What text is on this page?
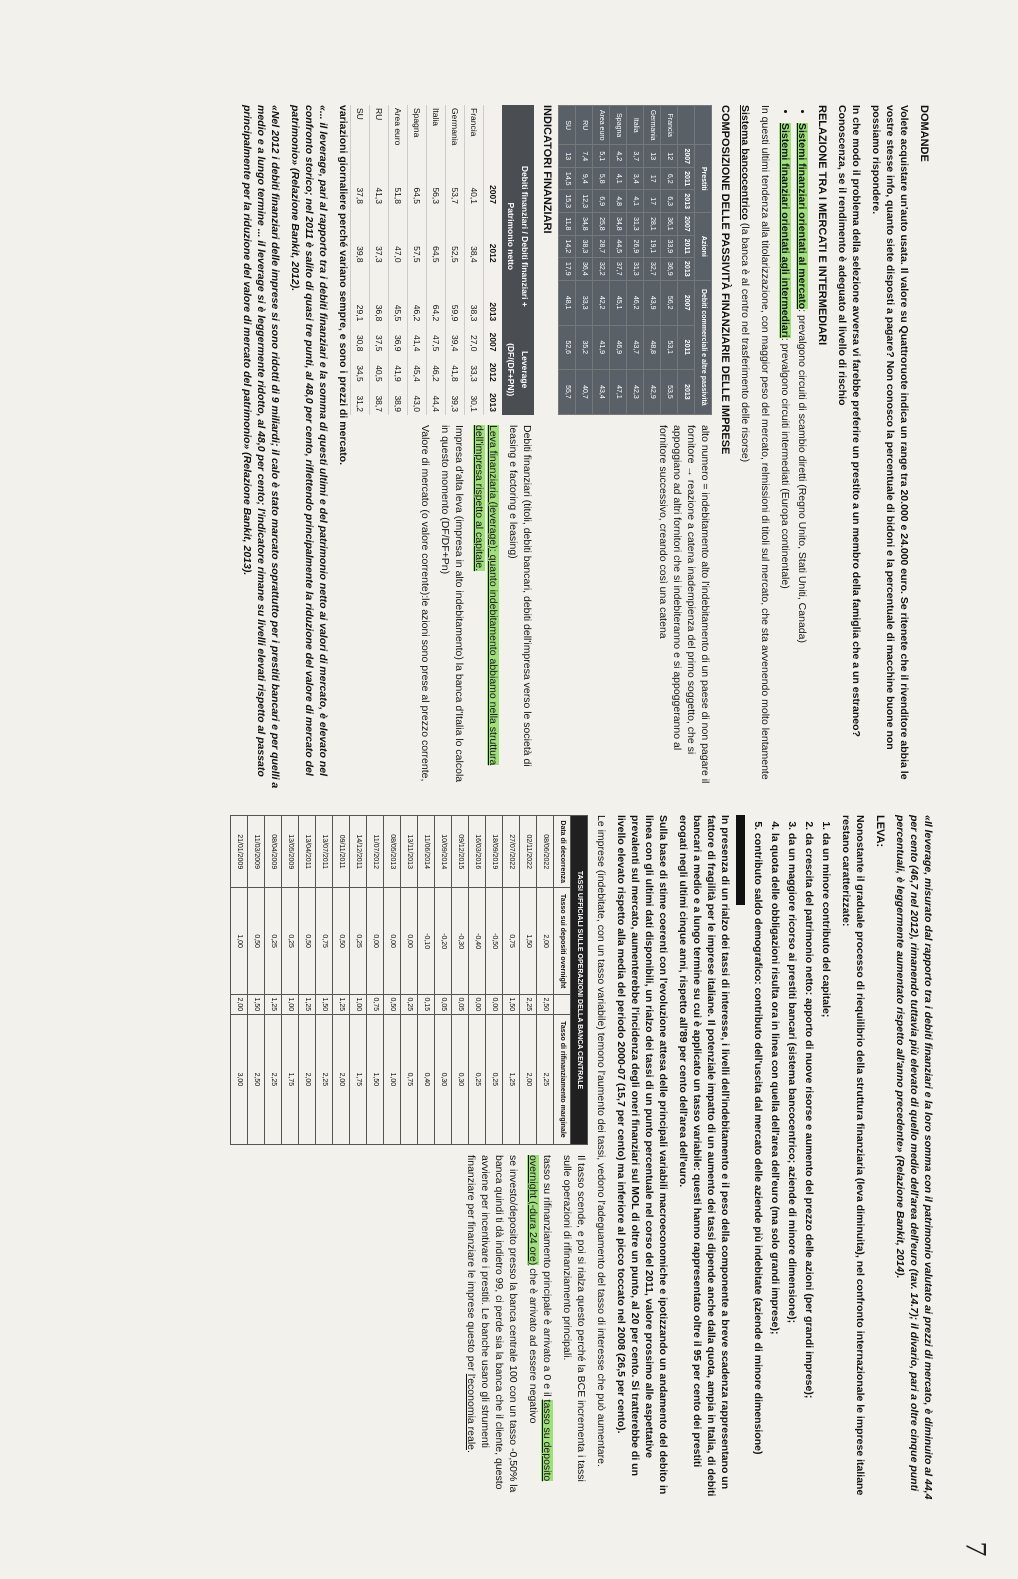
7
DOMANDE

Volete acquistare un'auto usata. Il valore su Quattroruote indica un range tra 20.000 e 24.000 euro. Se ritenete che il rivenditore abbia le vostre stesse info, quanto siete disposti a pagare? Non conosco la percentuale di bidoni e la percentuale di macchine buone non possiamo rispondere.

In che modo il problema della selezione avversa vi farebbe preferire un prestito a un membro della famiglia che a un estraneo? Conoscenza, se il rendimento è adeguato al livello di rischio

RELAZIONE TRA I MERCATI E INTERMEDIARI
• Sistemi finanziari orientati al mercato: prevalgono circuiti di scambio diretti (Regno Unito, Stati Uniti, Canada)
• Sistemi finanziari orientati agli intermediari: prevalgono circuiti intermediati (Europa continentale)

In questi ultimi tendenza alla titolarizzazione, con maggior peso del mercato, relmissioni di titoli sul mercato, che sta avvenendo molto lentamente

Sistema bancocentrico (la banca è al centro nel trasferimento delle risorse)

COMPOSIZIONE DELLE PASSIVITÀ FINANZIARIE DELLE IMPRESE
	Prestiti			Azioni			Debiti commerciali e altre passività		
	2007	2011	2013	2007	2011	2013	2007	2011	2013
Francia	12	6,2	6,3	36,1	33,9	36,9	56,2	53,1	53,5
Germania	13	17	17	28,1	19,1	32,7	43,9	48,8	42,9
Italia	3,7	3,4	4,1	31,3	26,9	31,3	46,2	43,7	42,3
Spagna	4,2	4,1	4,8	34,8	44,5	37,7	45,1	46,9	47,1
Area euro	5,1	5,8	6,9	25,8	28,7	32,2	42,2	41,9	43,4
RU	7,4	9,4	12,3	34,8	38,3	36,4	33,3	35,2	40,7
SU	13	14,5	15,3	11,8	14,2	17,9	48,1	52,6	55,7

alto numero = indebitamento alto l'indebitamento di un paese di non pagare il fornitore → reazione a catena inadempienza del primo soggetto, che si appoggiano ad altri fornitori che si indebiteranno e si appoggeranno al fornitore successivo, creando così una catena

INDICATORI FINANZIARI
	Debiti finanziari / Debiti finanziari + Patrimonio netto			Leverage (DF/(DF+PN))		
	2007	2012	2013	2007	2012	2013
Francia	40,1	38,4	38,3	27,0	33,3	30,1
Germania	53,7	52,5	59,9	39,4	41,8	39,3
Italia	56,3	64,5	64,2	47,5	46,2	44,4
Spagna	64,5	57,5	46,2	41,4	45,4	43,0
Area euro	51,8	47,0	45,5	36,9	41,9	38,9
RU	41,3	37,3	36,8	37,5	40,5	38,7
SU	37,8	39,8	29,1	30,8	34,5	31,2

Debiti finanziari (titoli, debiti bancari, debiti dell'impresa verso le società di leasing e factoring e leasing)

Leva finanziaria (leverage): quanto indebitamento abbiamo nella struttura dell'impresa rispetto al capitale.

Impresa d'alta leva (impresa in alto indebitamento) la banca d'Italia lo calcola in questo momento (DF/DF+Pn)

Valore di mercato (o valore corrente):le azioni sono prese al prezzo corrente,

variazioni giornaliere perché variano sempre, e sono i prezzi di mercato.

«... il leverage, pari al rapporto tra i debiti finanziari e la somma di questi ultimi e del patrimonio netto ai valori di mercato, è elevato nel confronto storico; nel 2011 è salito di quasi tre punti, al 48,0 per cento, riflettendo principalmente la riduzione del valore di mercato del patrimonio» (Relazione Bankit, 2012).

«Nel 2012 i debiti finanziari delle imprese si sono ridotti di 9 miliardi; il calo è stato marcato soprattutto per i prestiti bancari e per quelli a medio e a lungo termine ... il leverage si è leggermente ridotto, al 48,0 per cento; l'indicatore rimane su livelli elevati rispetto al passato principalmente per la riduzione del valore di mercato del patrimonio» (Relazione Bankit, 2013).

«Il leverage, misurato dal rapporto tra i debiti finanziari e la loro somma con il patrimonio valutato ai prezzi di mercato, è diminuito al 44,4 per cento (46,7 nel 2012), rimanendo tuttavia più elevato di quello medio dell'area dell'euro (tav. 14.7); il divario, pari a oltre cinque punti percentuali, è leggermente aumentato rispetto all'anno precedente» (Relazione Bankit, 2014).

LEVA:

Nonostante il graduale processo di riequilibrio della struttura finanziaria (leva diminuita), nel confronto internazionale le imprese italiane restano caratterizzate:

1. da un minore contributo del capitale;
2. da crescita del patrimonio netto: apporto di nuove risorse e aumento del prezzo delle azioni (per grandi imprese);
3. da un maggiore ricorso ai prestiti bancari (sistema bancocentrico; aziende di minore dimensione);
4. la quota delle obbligazioni risulta ora in linea con quella dell'area dell'euro (ma solo grandi imprese);
5. contributo saldo demografico: contributo dell'uscita dal mercato delle aziende più indebitate (aziende di minore dimensione)

In presenza di un rialzo dei tassi di interesse, i livelli dell'indebitamento e il peso della componente a breve scadenza rappresentano un fattore di fragilità per le imprese italiane. Il potenziale impatto di un aumento dei tassi dipende anche dalla quota, ampia in Italia, di debiti bancari a medio e a lungo termine su cui è applicato un tasso variabile: questi hanno rappresentato oltre il 95 per cento dei prestiti erogati negli ultimi cinque anni, rispetto all'89 per cento dell'area dell'euro.

Sulla base di stime coerenti con l'evoluzione attesa delle principali variabili macroeconomiche e ipotizzando un andamento del debito in linea con gli ultimi dati disponibili, un rialzo dei tassi di un punto percentuale nel corso del 2011, valore prossimo alle aspettative prevalenti sul mercato, aumenterebbe l'incidenza degli oneri finanziari sul MOL di oltre un punto, al 20 per cento. Si tratterebbe di un livello elevato rispetto alla media del periodo 2000-07 (15,7 per cento) ma inferiore al picco toccato nel 2008 (26,5 per cento).

Le imprese (indebitate, con un tasso variabile) temono l'aumento dei tassi, vedono l'adeguamento del tasso di interesse che può aumentare.

TASSI UFFICIALI SULLE OPERAZIONI DELLA BANCA CENTRALE			
Data di decorrenza	Tasso sui depositi overnight		Tasso di rifinanziamento marginale
08/06/2022	2,00	2,50	2,25
02/11/2022	1,50	2,25	2,00
27/07/2022	0,75	1,50	1,25
18/09/2019	-0,50	0,00	0,25
16/03/2016	-0,40	0,00	0,25
09/12/2015	-0,30	0,05	0,30
10/09/2014	-0,20	0,05	0,30
11/06/2014	-0,10	0,15	0,40
13/11/2013	0,00	0,25	0,75
08/05/2013	0,00	0,50	1,00
11/07/2012	0,00	0,75	1,50
14/12/2011	0,25	1,00	1,75
09/11/2011	0,50	1,25	2,00
13/07/2011	0,75	1,50	2,25
13/04/2011	0,50	1,25	2,00
13/05/2009	0,25	1,00	1,75
08/04/2009	0,25	1,25	2,25
11/03/2009	0,50	1,50	2,50
21/01/2009	1,00	2,00	3,00

Il tasso scende, e poi si rialza questo perché la BCE incrementa i tassi sulle operazioni di rifinanziamento principali.

tasso su rifinanziamento principale è arrivato a 0 e il tasso su deposito overnight (-dura 24 ore) che è arrivato ad essere negativo

se investo/deposito presso la banca centrale 100 con un tasso -0,50% la banca quindi ti dà indietro 99, ci perde sia la banca che il cliente, questo avviene per incentivare i prestiti. Le banche usano gli strumenti finanziare per finanziare le imprese questo per l'economia reale.
